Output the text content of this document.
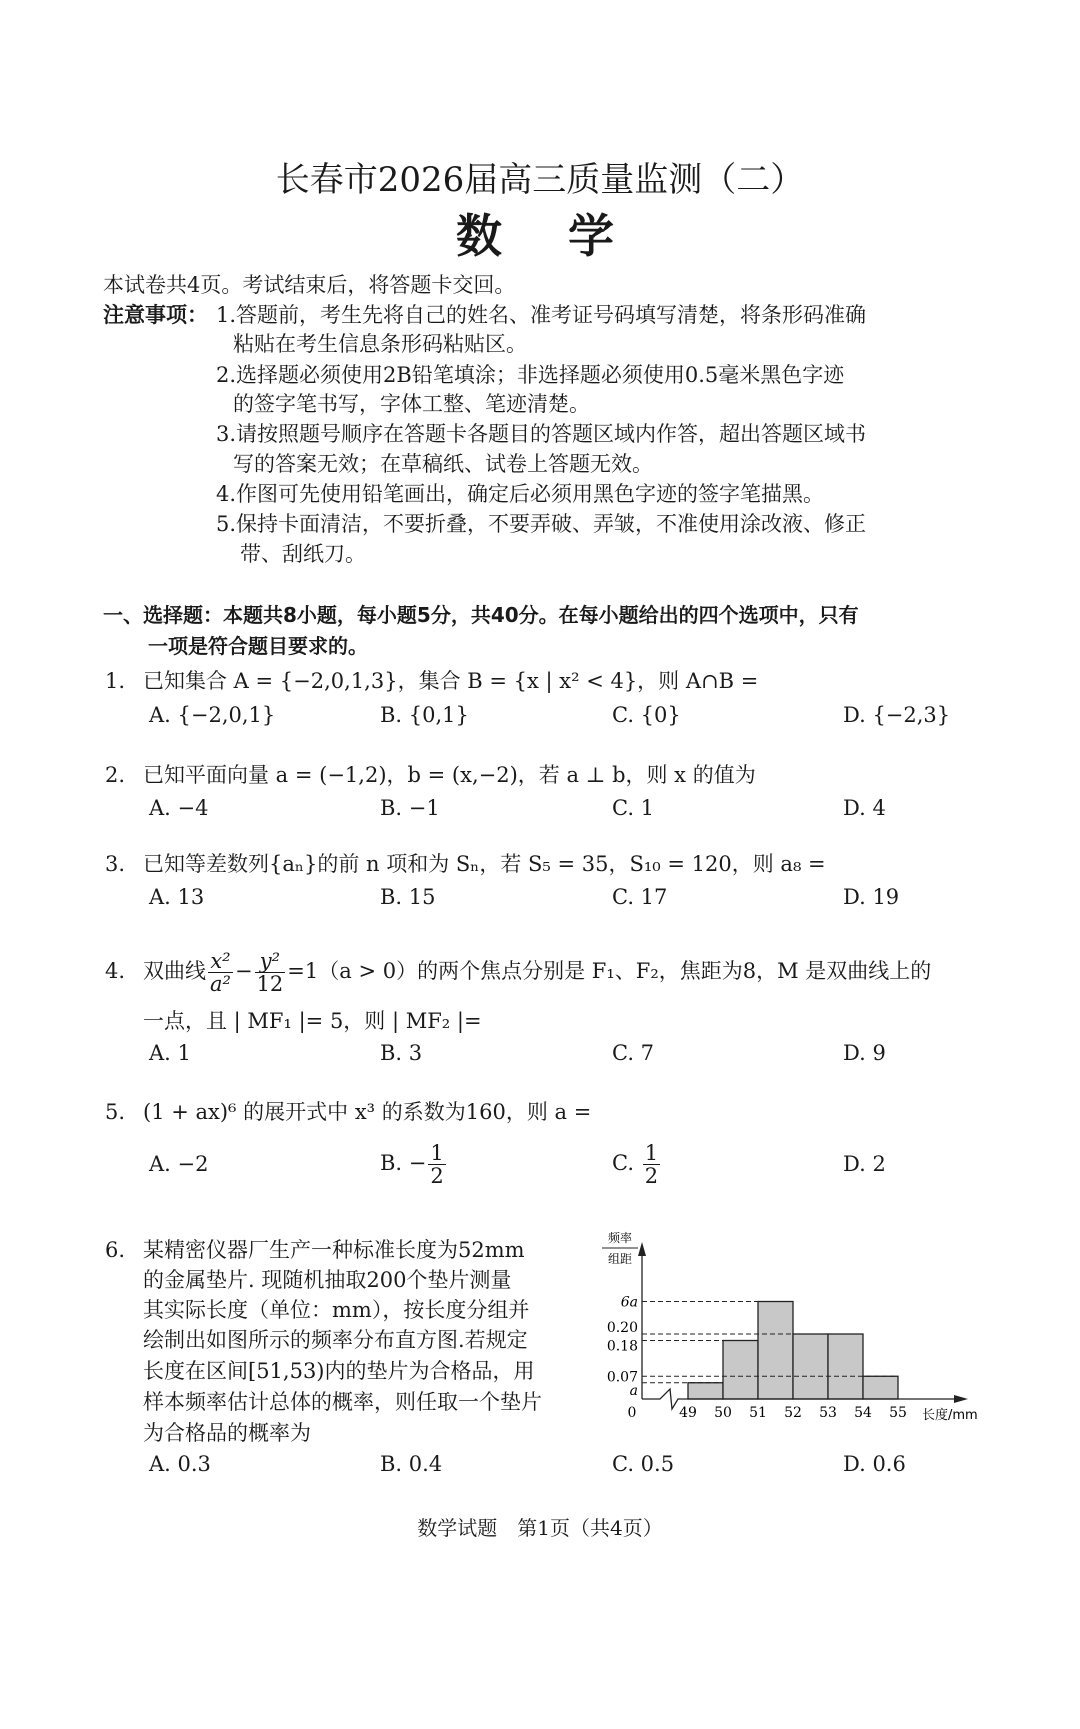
长春市2026届高三质量监测（二）
数　学
本试卷共4页。考试结束后，将答题卡交回。
注意事项： 1.答题前，考生先将自己的姓名、准考证号码填写清楚，将条形码准确
粘贴在考生信息条形码粘贴区。
2.选择题必须使用2B铅笔填涂；非选择题必须使用0.5毫米黑色字迹
的签字笔书写，字体工整、笔迹清楚。
3.请按照题号顺序在答题卡各题目的答题区域内作答，超出答题区域书
写的答案无效；在草稿纸、试卷上答题无效。
4.作图可先使用铅笔画出，确定后必须用黑色字迹的签字笔描黑。
5.保持卡面清洁，不要折叠，不要弄破、弄皱，不准使用涂改液、修正
带、刮纸刀。
一、选择题：本题共8小题，每小题5分，共40分。在每小题给出的四个选项中，只有
一项是符合题目要求的。
1. 已知集合 A = {−2,0,1,3}，集合 B = {x | x² < 4}，则 A∩B =
A. {−2,0,1}	B. {0,1}	C. {0}	D. {−2,3}
2. 已知平面向量 a = (−1,2)，b = (x,−2)，若 a ⊥ b，则 x 的值为
A. −4	B. −1	C. 1	D. 4
3. 已知等差数列{aₙ}的前 n 项和为 Sₙ，若 S₅ = 35，S₁₀ = 120，则 a₈ =
A. 13	B. 15	C. 17	D. 19
4. 双曲线 $\frac{\text{x²}}{\text{a²}} - \frac{\text{y²}}{12} =1(a > 0)$的两个焦点分别是 F₁、F₂，焦距为8，M 是双曲线上的
一点，且 | MF₁ |= 5，则 | MF₂ |=
A. 1	B. 3	C. 7	D. 9
5. (1 + ax)⁶ 的展开式中 x³ 的系数为160，则 a =
A. −2	B. − $\frac{1}{2}$	C. $\frac{1}{2}$	D. 2
6. 某精密仪器厂生产一种标准长度为52mm
的金属垫片. 现随机抽取200个垫片测量
其实际长度（单位：mm），按长度分组并
绘制出如图所示的频率分布直方图.若规定
长度在区间[51,53)内的垫片为合格品，用
样本频率估计总体的概率，则任取一个垫片
为合格品的概率为
A. 0.3	B. 0.4	C. 0.5	D. 0.6
6a
0.20
0.18
0.07
a
49 50 51 52 53 54 55
0	长度/mm
频率
组距
数学试题　第1页（共4页）
